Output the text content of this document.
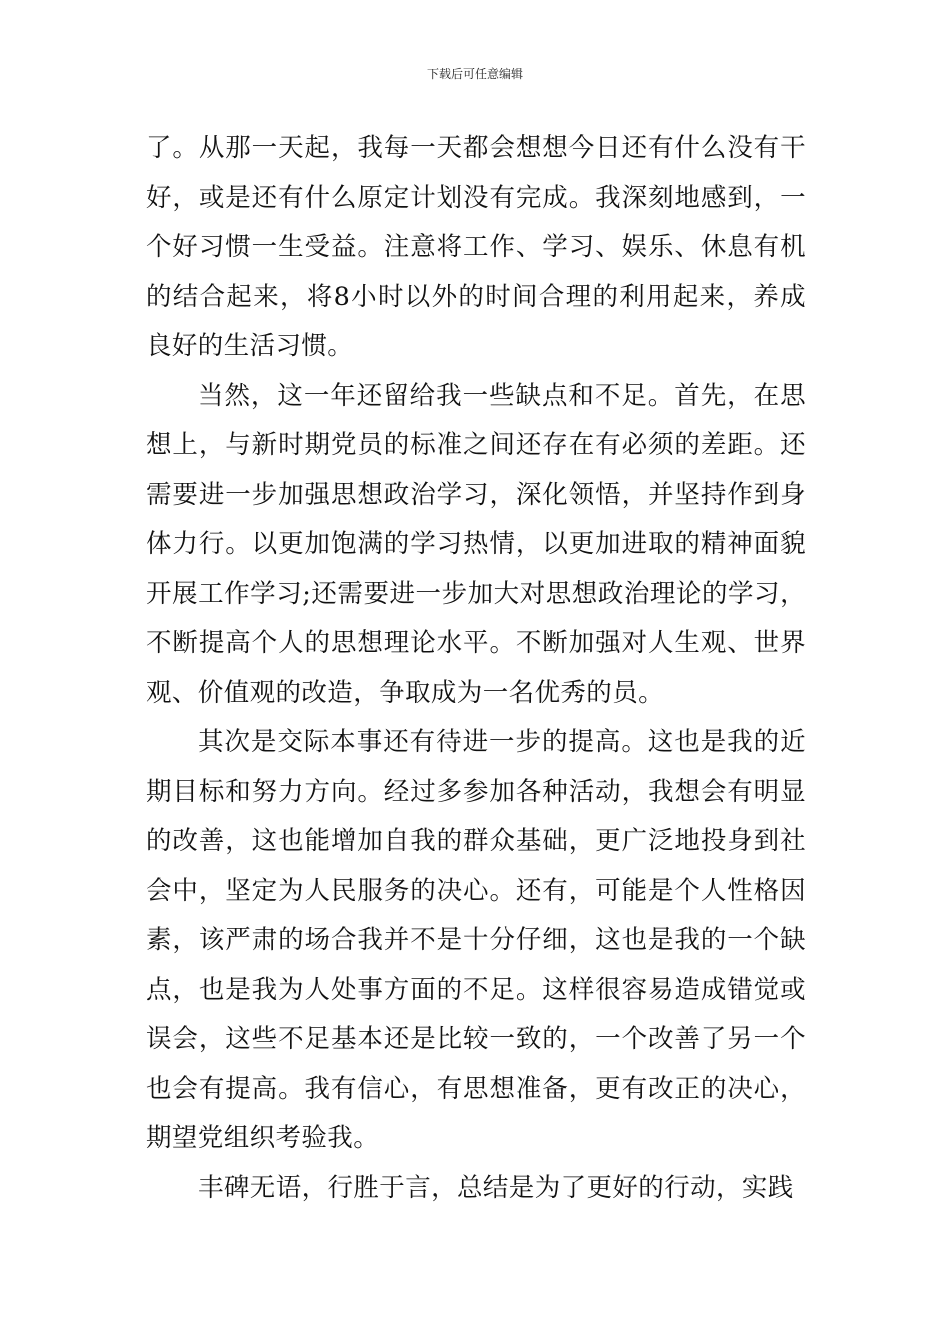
下载后可任意编辑

了。从那一天起，我每一天都会想想今日还有什么没有干好，或是还有什么原定计划没有完成。我深刻地感到，一个好习惯一生受益。注意将工作、学习、娱乐、休息有机的结合起来，将8小时以外的时间合理的利用起来，养成良好的生活习惯。

当然，这一年还留给我一些缺点和不足。首先，在思想上，与新时期党员的标准之间还存在有必须的差距。还需要进一步加强思想政治学习，深化领悟，并坚持作到身体力行。以更加饱满的学习热情，以更加进取的精神面貌开展工作学习;还需要进一步加大对思想政治理论的学习，不断提高个人的思想理论水平。不断加强对人生观、世界观、价值观的改造，争取成为一名优秀的员。

其次是交际本事还有待进一步的提高。这也是我的近期目标和努力方向。经过多参加各种活动，我想会有明显的改善，这也能增加自我的群众基础，更广泛地投身到社会中，坚定为人民服务的决心。还有，可能是个人性格因素，该严肃的场合我并不是十分仔细，这也是我的一个缺点，也是我为人处事方面的不足。这样很容易造成错觉或误会，这些不足基本还是比较一致的，一个改善了另一个也会有提高。我有信心，有思想准备，更有改正的决心，期望党组织考验我。

丰碑无语，行胜于言，总结是为了更好的行动，实践
